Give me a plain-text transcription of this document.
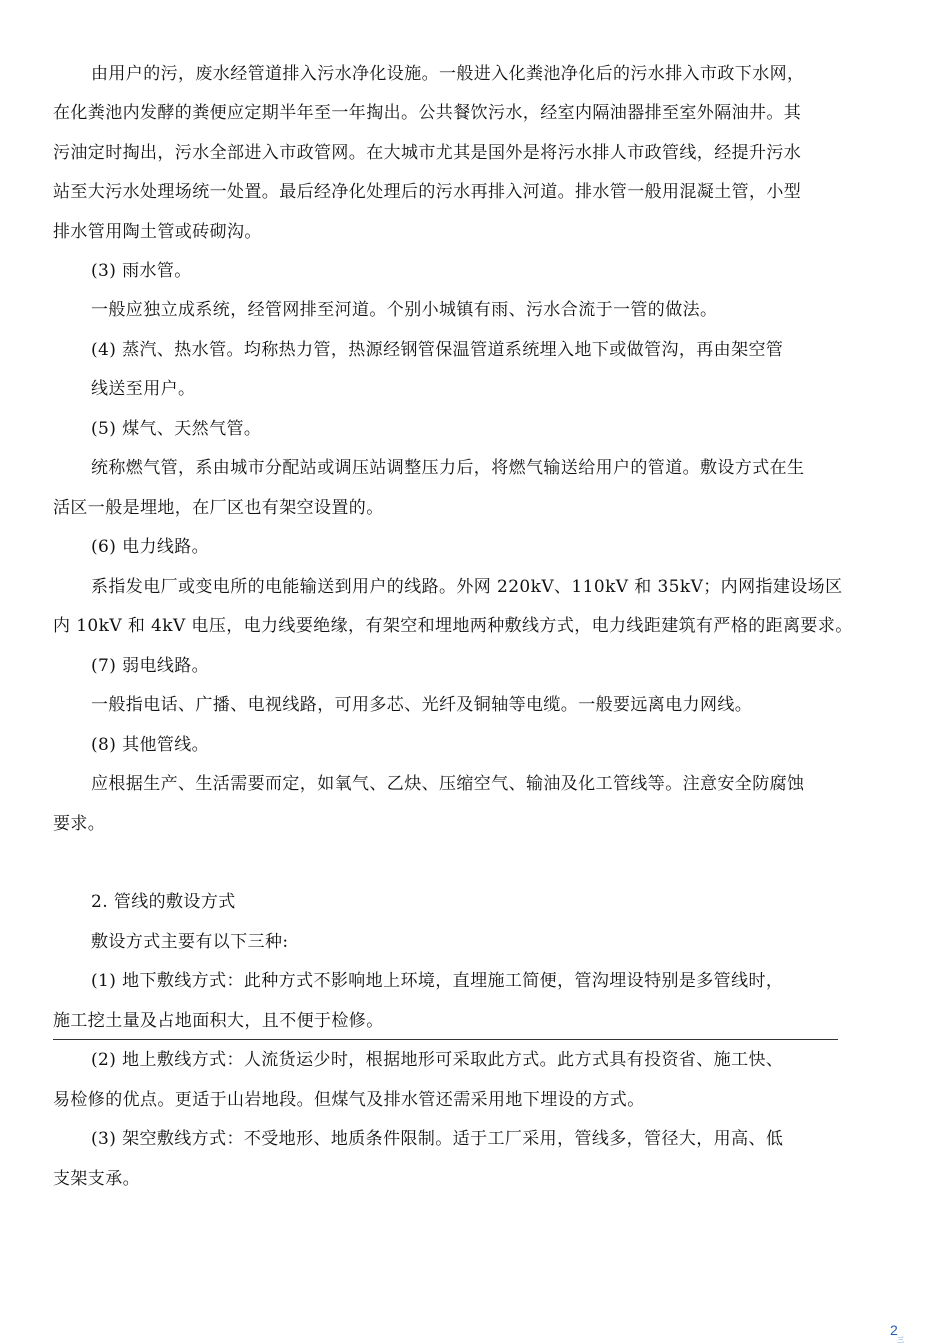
由用户的污，废水经管道排入污水净化设施。一般进入化粪池净化后的污水排入市政下水网，
在化粪池内发酵的粪便应定期半年至一年掏出。公共餐饮污水，经室内隔油器排至室外隔油井。其
污油定时掏出，污水全部进入市政管网。在大城市尤其是国外是将污水排人市政管线，经提升污水
站至大污水处理场统一处置。最后经净化处理后的污水再排入河道。排水管一般用混凝土管，小型
排水管用陶土管或砖砌沟。
(3) 雨水管。
一般应独立成系统，经管网排至河道。个别小城镇有雨、污水合流于一管的做法。
(4) 蒸汽、热水管。均称热力管，热源经钢管保温管道系统埋入地下或做管沟，再由架空管
线送至用户。
(5) 煤气、天然气管。
统称燃气管，系由城市分配站或调压站调整压力后，将燃气输送给用户的管道。敷设方式在生
活区一般是埋地，在厂区也有架空设置的。
(6) 电力线路。
系指发电厂或变电所的电能输送到用户的线路。外网 220kV、110kV 和 35kV；内网指建设场区
内 10kV 和 4kV 电压，电力线要绝缘，有架空和埋地两种敷线方式，电力线距建筑有严格的距离要求。
(7) 弱电线路。
一般指电话、广播、电视线路，可用多芯、光纤及铜轴等电缆。一般要远离电力网线。
(8) 其他管线。
应根据生产、生活需要而定，如氧气、乙炔、压缩空气、输油及化工管线等。注意安全防腐蚀
要求。
2. 管线的敷设方式
敷设方式主要有以下三种:
(1) 地下敷线方式：此种方式不影响地上环境，直埋施工简便，管沟埋设特别是多管线时，
施工挖土量及占地面积大，且不便于检修。
(2) 地上敷线方式：人流货运少时，根据地形可采取此方式。此方式具有投资省、施工快、
易检修的优点。更适于山岩地段。但煤气及排水管还需采用地下埋设的方式。
(3) 架空敷线方式：不受地形、地质条件限制。适于工厂采用，管线多，管径大，用高、低
支架支承。
2
三
